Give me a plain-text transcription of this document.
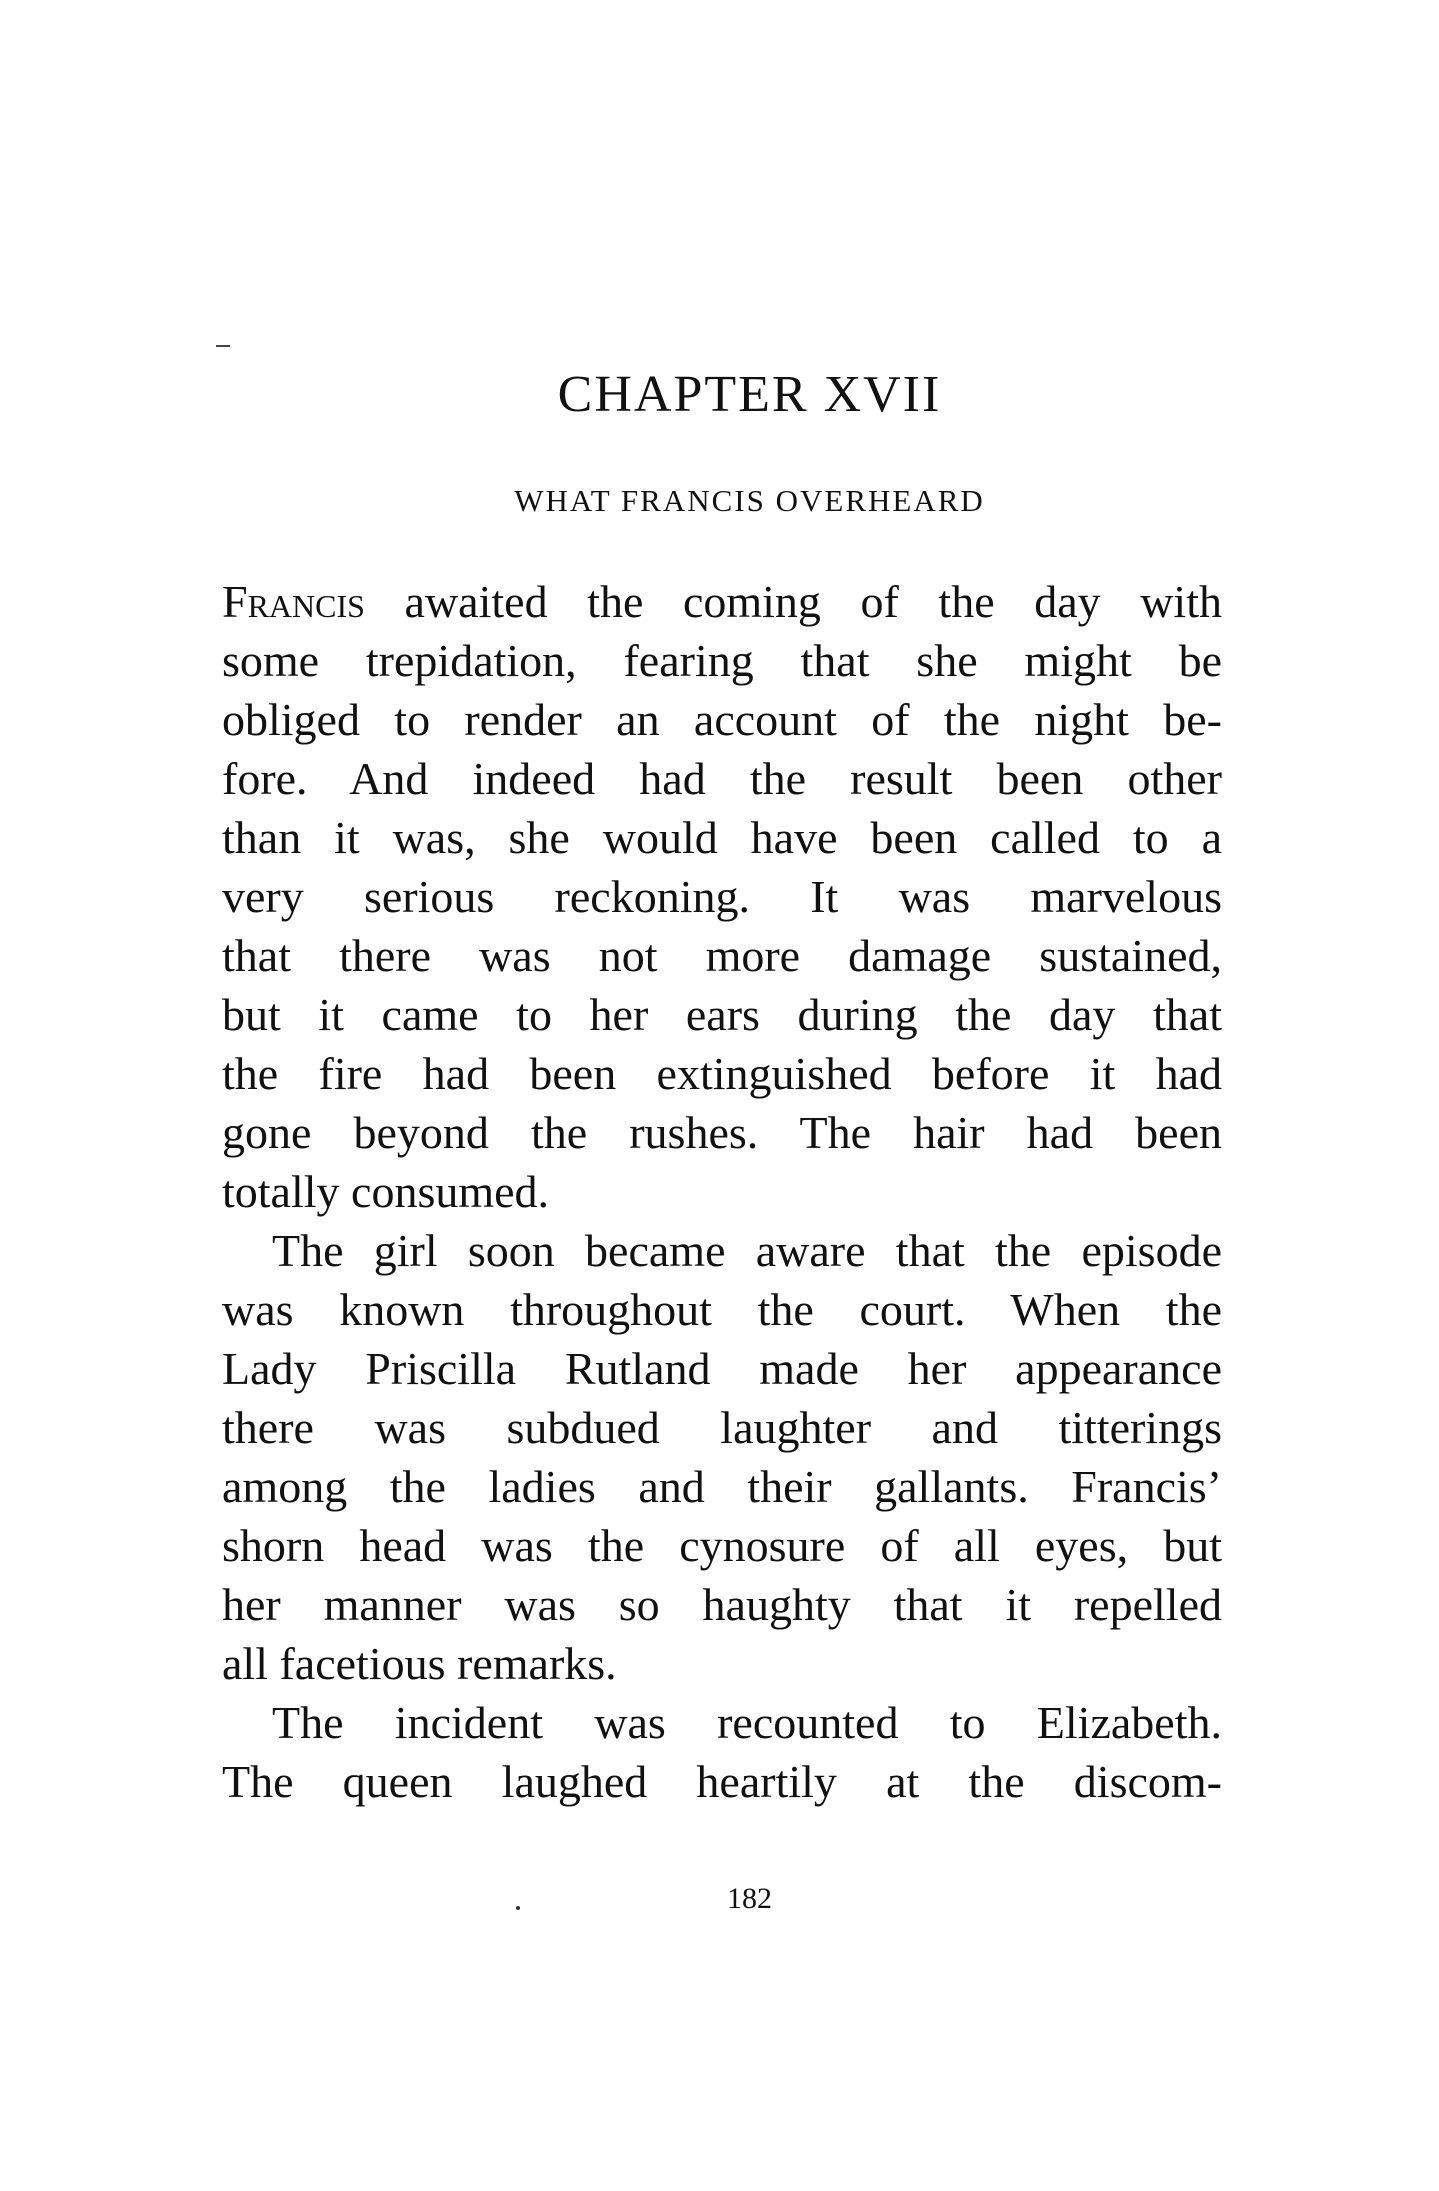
CHAPTER XVII
WHAT FRANCIS OVERHEARD
Francis awaited the coming of the day with
some trepidation, fearing that she might be
obliged to render an account of the night be-
fore. And indeed had the result been other
than it was, she would have been called to a
very serious reckoning. It was marvelous
that there was not more damage sustained,
but it came to her ears during the day that
the fire had been extinguished before it had
gone beyond the rushes. The hair had been
totally consumed.
The girl soon became aware that the episode
was known throughout the court. When the
Lady Priscilla Rutland made her appearance
there was subdued laughter and titterings
among the ladies and their gallants. Francis’
shorn head was the cynosure of all eyes, but
her manner was so haughty that it repelled
all facetious remarks.
The incident was recounted to Elizabeth.
The queen laughed heartily at the discom-
182
